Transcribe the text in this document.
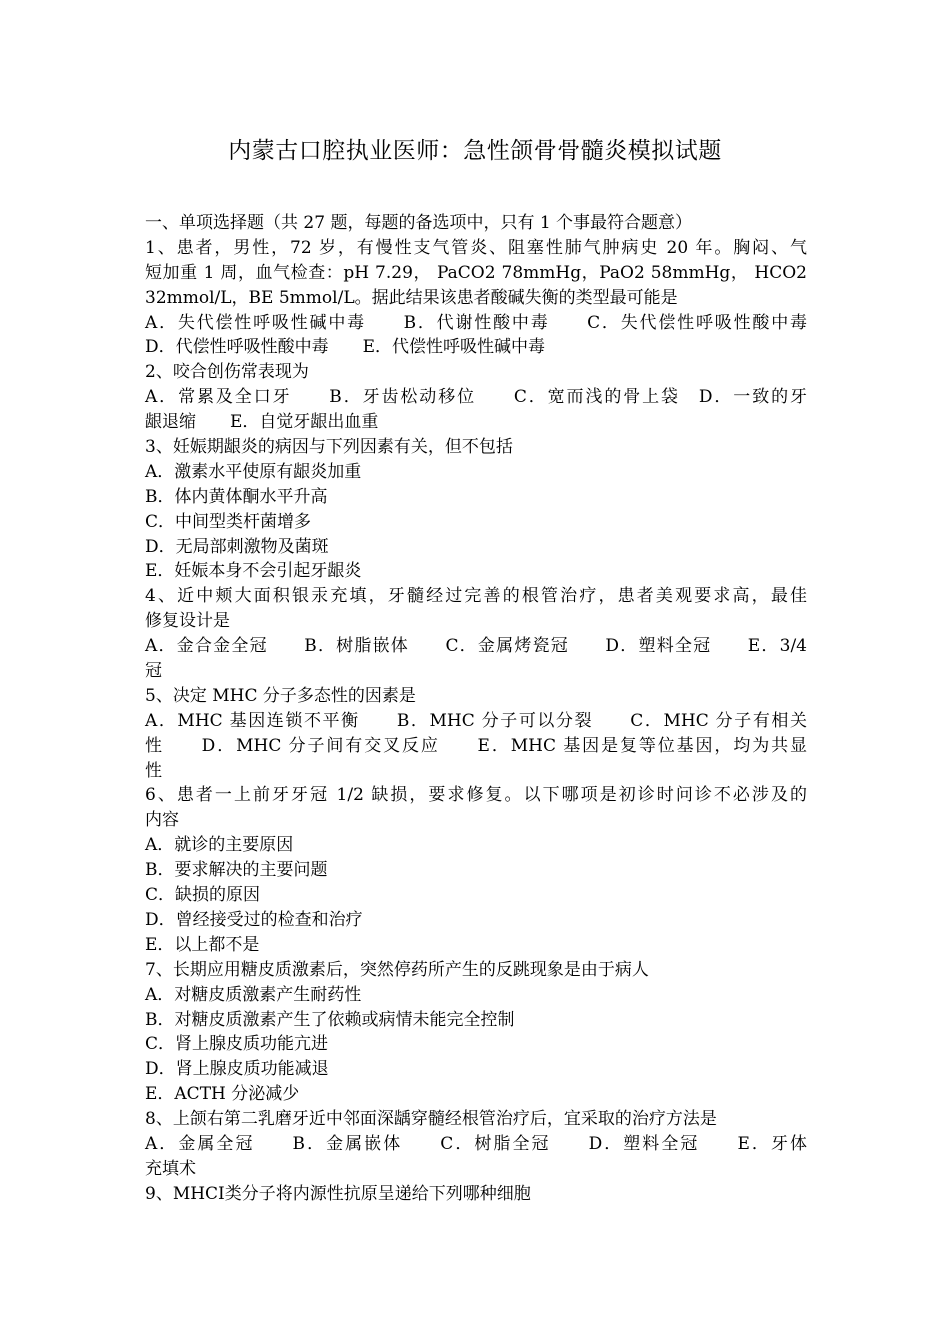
内蒙古口腔执业医师：急性颌骨骨髓炎模拟试题
一、单项选择题（共 27 题，每题的备选项中，只有 1 个事最符合题意）
1、患者，男性，72 岁，有慢性支气管炎、阻塞性肺气肿病史 20 年。胸闷、气
短加重 1 周，血气检查：pH 7.29， PaCO2 78mmHg，PaO2 58mmHg， HCO2
32mmol/L，BE 5mmol/L。据此结果该患者酸碱失衡的类型最可能是
A．失代偿性呼吸性碱中毒　　B．代谢性酸中毒　　C．失代偿性呼吸性酸中毒
D．代偿性呼吸性酸中毒　　E．代偿性呼吸性碱中毒
2、咬合创伤常表现为
A．常累及全口牙　　B．牙齿松动移位　　C．宽而浅的骨上袋　D．一致的牙
龈退缩　　E．自觉牙龈出血重
3、妊娠期龈炎的病因与下列因素有关，但不包括
A．激素水平使原有龈炎加重
B．体内黄体酮水平升高
C．中间型类杆菌增多
D．无局部刺激物及菌斑
E．妊娠本身不会引起牙龈炎
4、近中颊大面积银汞充填，牙髓经过完善的根管治疗，患者美观要求高，最佳
修复设计是
A．金合金全冠　　B．树脂嵌体　　C．金属烤瓷冠　　D．塑料全冠　　E．3/4
冠
5、决定 MHC 分子多态性的因素是
A．MHC 基因连锁不平衡　　B．MHC 分子可以分裂　　C．MHC 分子有相关
性　　D．MHC 分子间有交叉反应　　E．MHC 基因是复等位基因，均为共显
性
6、患者一上前牙牙冠 1/2 缺损，要求修复。以下哪项是初诊时问诊不必涉及的
内容
A．就诊的主要原因
B．要求解决的主要问题
C．缺损的原因
D．曾经接受过的检查和治疗
E．以上都不是
7、长期应用糖皮质激素后，突然停药所产生的反跳现象是由于病人
A．对糖皮质激素产生耐药性
B．对糖皮质激素产生了依赖或病情未能完全控制
C．肾上腺皮质功能亢进
D．肾上腺皮质功能减退
E．ACTH 分泌减少
8、上颌右第二乳磨牙近中邻面深龋穿髓经根管治疗后，宜采取的治疗方法是
A．金属全冠　　B．金属嵌体　　C．树脂全冠　　D．塑料全冠　　E．牙体
充填术
9、MHCⅠ类分子将内源性抗原呈递给下列哪种细胞
